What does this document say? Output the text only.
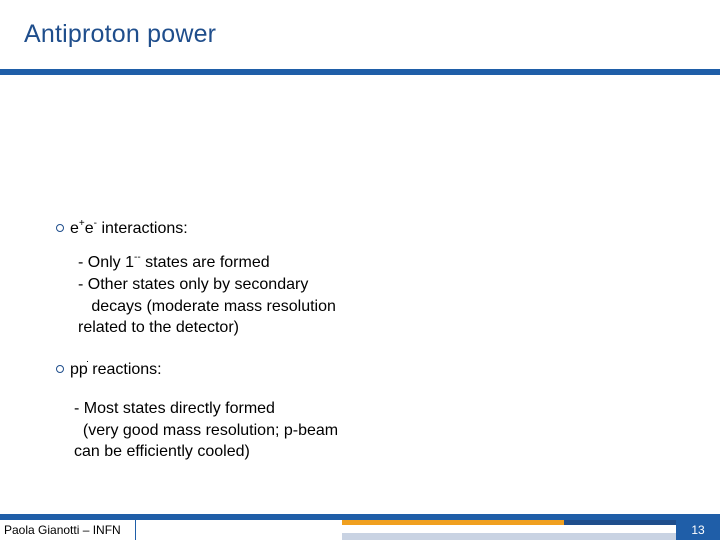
Antiproton power
e+e- interactions:
- Only 1-- states are formed
- Other states only by secondary
decays (moderate mass resolution
related to the detector)
pp reactions:
- Most states directly formed
(very good mass resolution; p-beam
can be efficiently cooled)
Paola Gianotti – INFN	13
